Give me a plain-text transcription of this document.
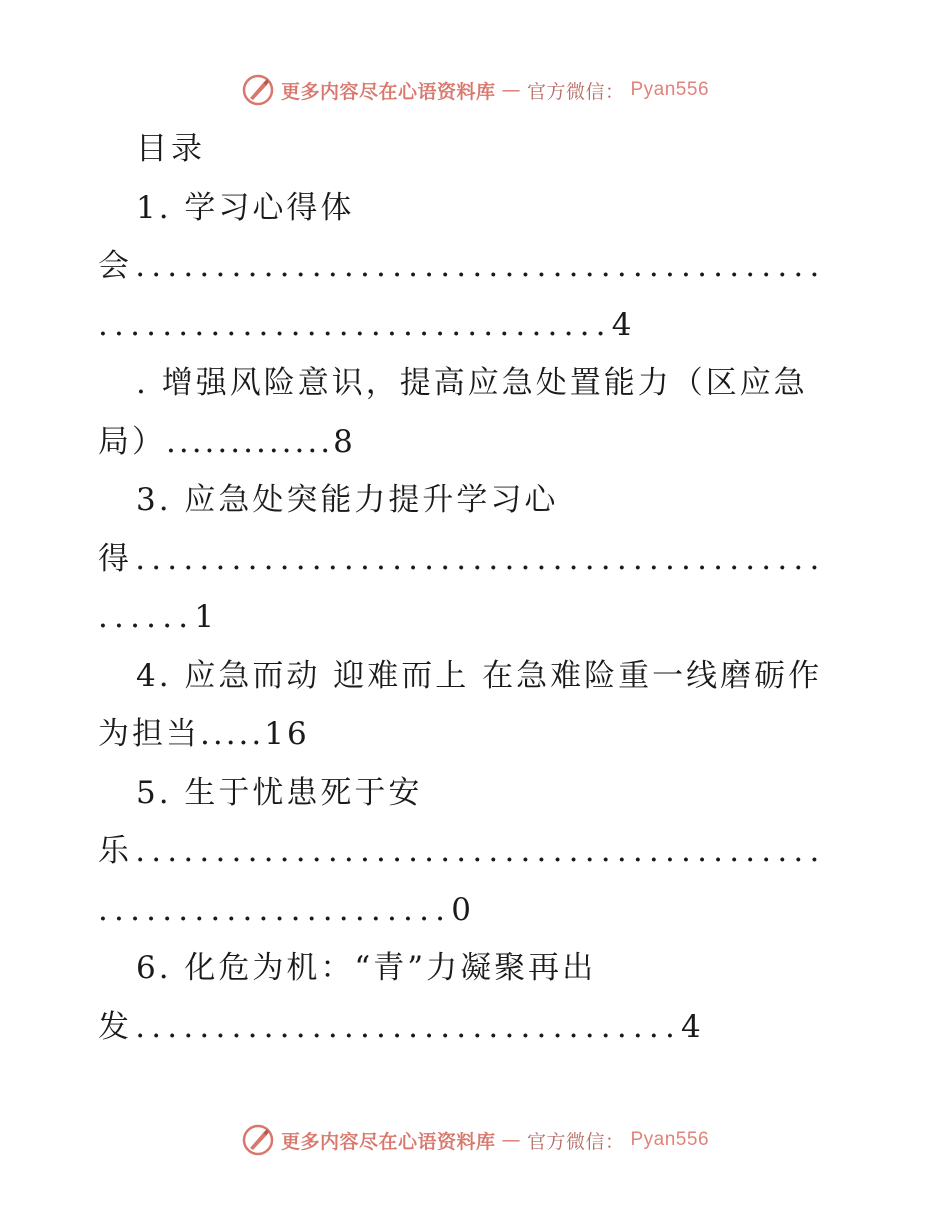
更多内容尽在心语资料库 — 官方微信： Pyan556
目录
1. 学习心得体
会...........................................
................................4
. 增强风险意识，提高应急处置能力（区应急
局）.............8
3. 应急处突能力提升学习心
得...........................................
......1
4. 应急而动 迎难而上 在急难险重一线磨砺作
为担当.....16
5. 生于忧患死于安
乐...........................................
......................0
6. 化危为机：“青”力凝聚再出
发..................................4
更多内容尽在心语资料库 — 官方微信： Pyan556
